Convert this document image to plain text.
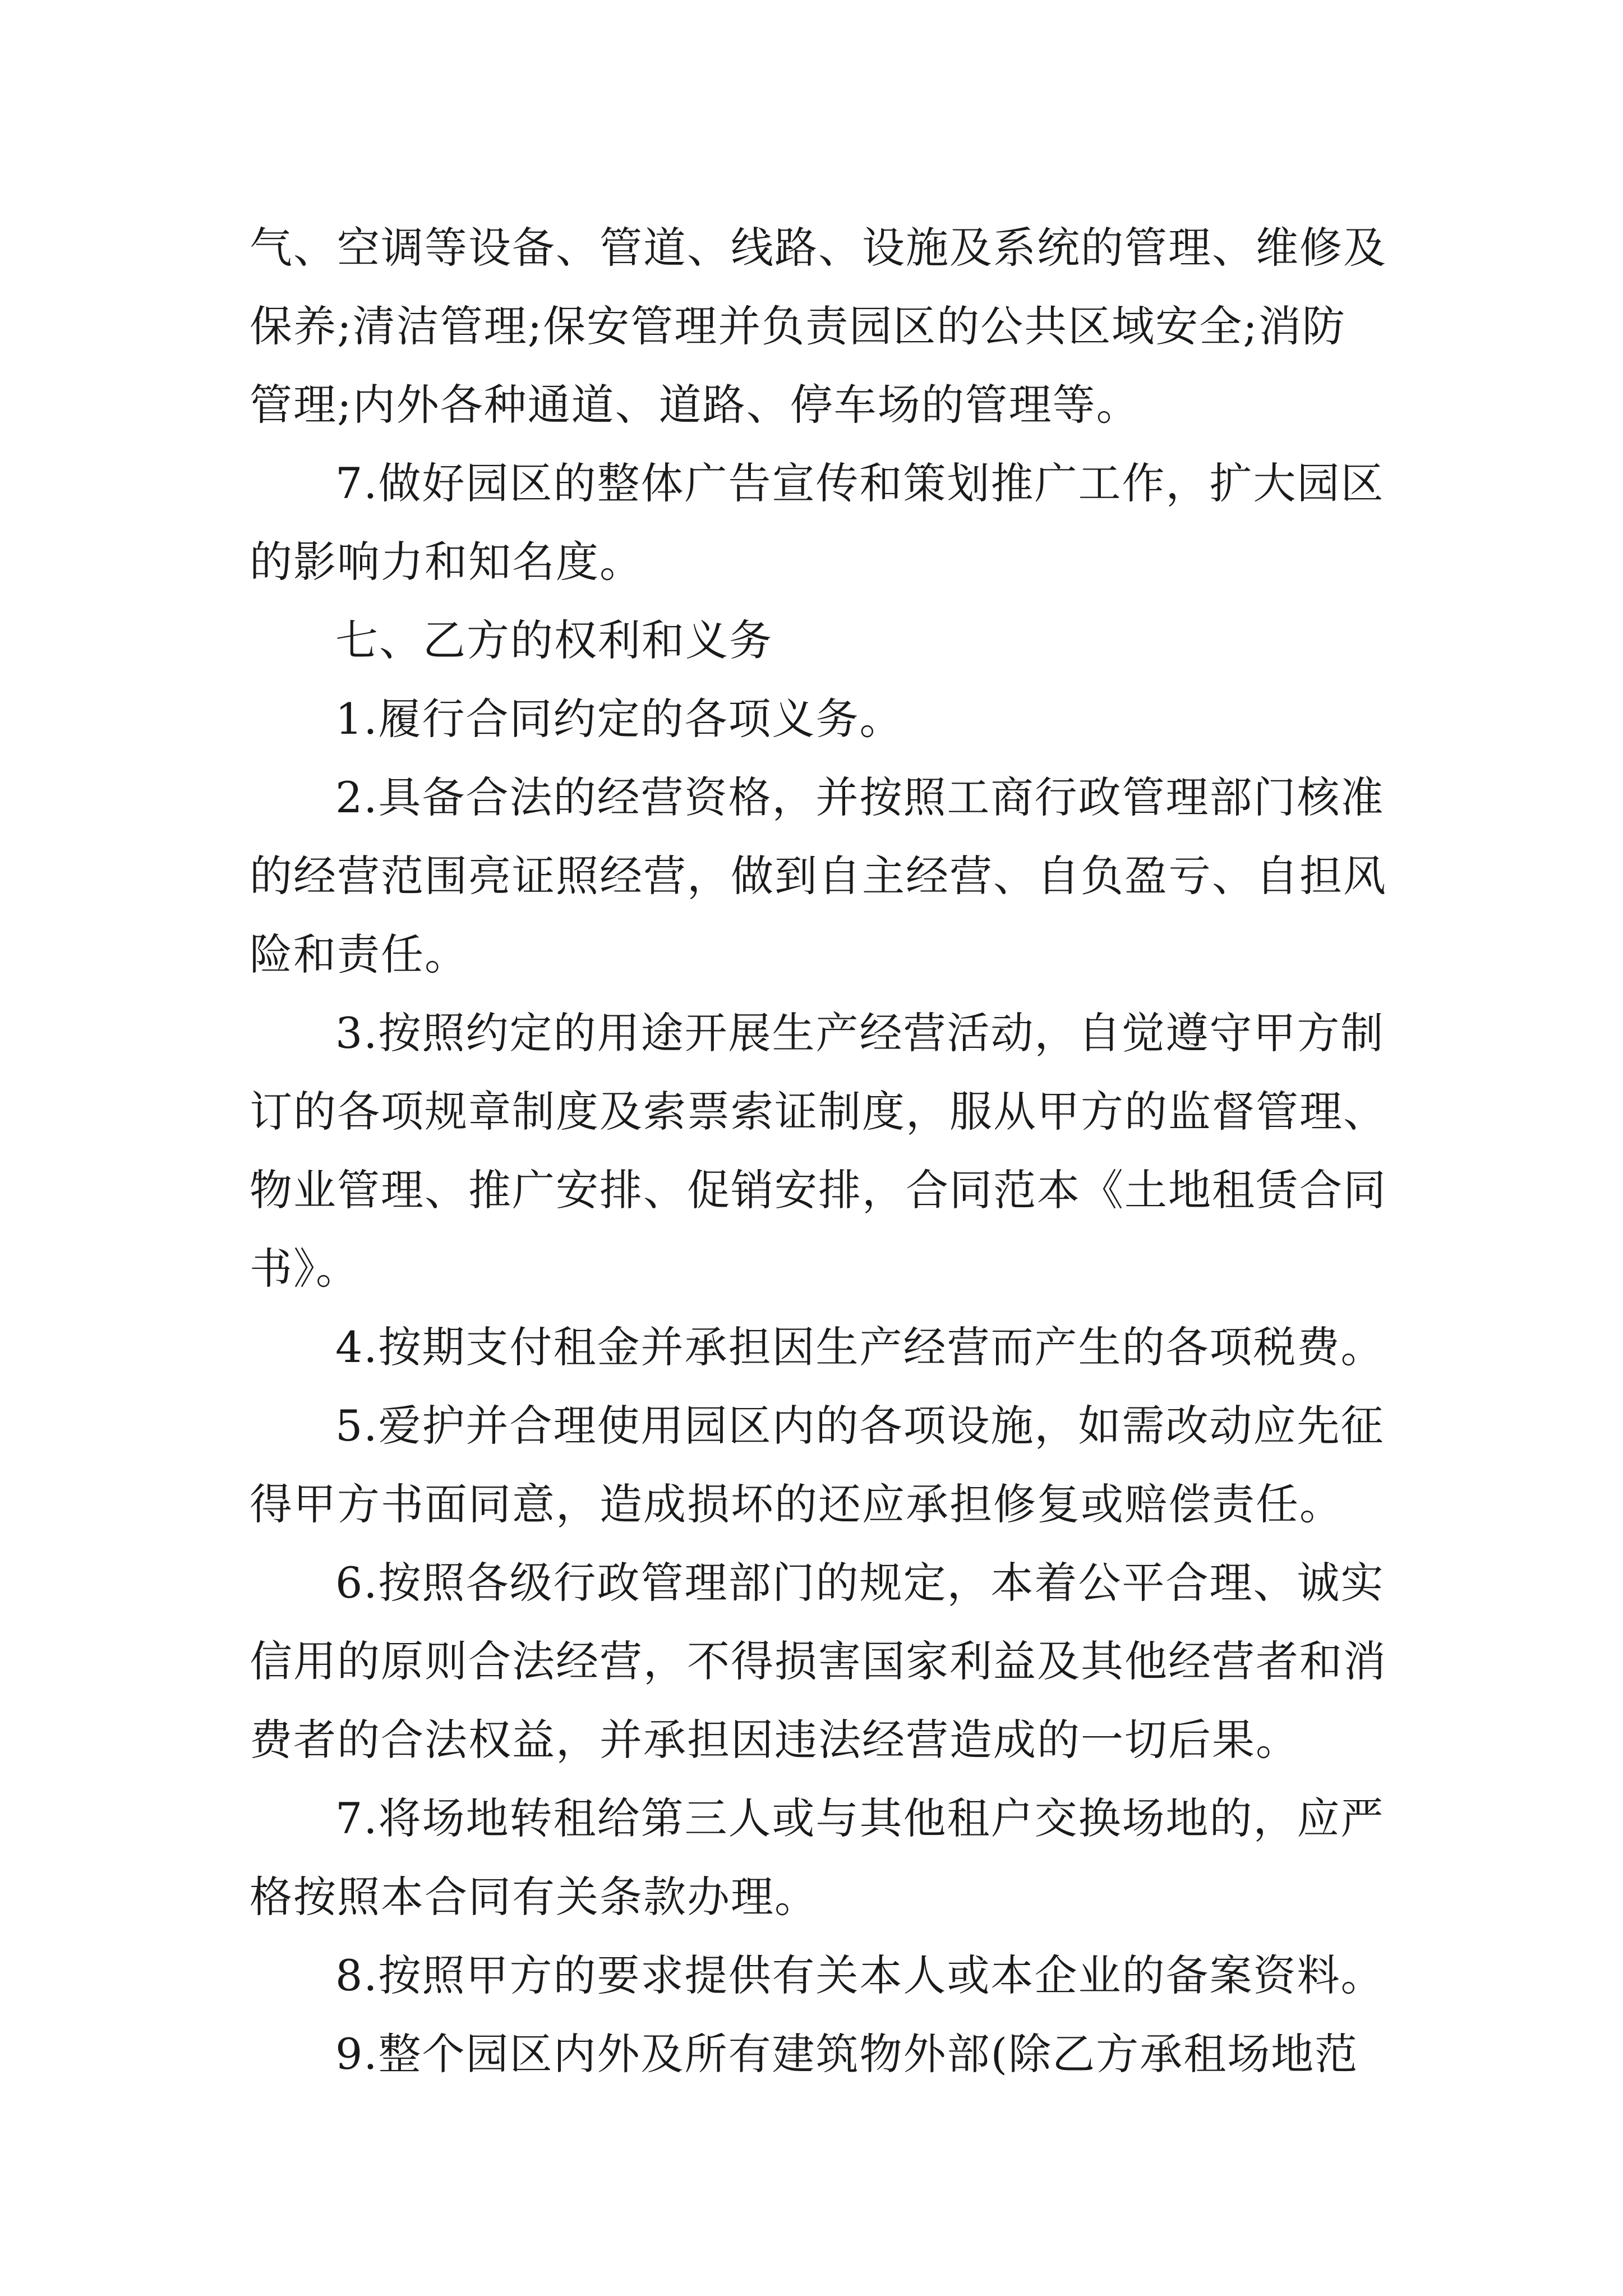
气、空调等设备、管道、线路、设施及系统的管理、维修及
保养;清洁管理;保安管理并负责园区的公共区域安全;消防
管理;内外各种通道、道路、停车场的管理等。
7.做好园区的整体广告宣传和策划推广工作，扩大园区
的影响力和知名度。
七、乙方的权利和义务
1.履行合同约定的各项义务。
2.具备合法的经营资格，并按照工商行政管理部门核准
的经营范围亮证照经营，做到自主经营、自负盈亏、自担风
险和责任。
3.按照约定的用途开展生产经营活动，自觉遵守甲方制
订的各项规章制度及索票索证制度，服从甲方的监督管理、
物业管理、推广安排、促销安排，合同范本《土地租赁合同
书》。
4.按期支付租金并承担因生产经营而产生的各项税费。
5.爱护并合理使用园区内的各项设施，如需改动应先征
得甲方书面同意，造成损坏的还应承担修复或赔偿责任。
6.按照各级行政管理部门的规定，本着公平合理、诚实
信用的原则合法经营，不得损害国家利益及其他经营者和消
费者的合法权益，并承担因违法经营造成的一切后果。
7.将场地转租给第三人或与其他租户交换场地的，应严
格按照本合同有关条款办理。
8.按照甲方的要求提供有关本人或本企业的备案资料。
9.整个园区内外及所有建筑物外部(除乙方承租场地范
